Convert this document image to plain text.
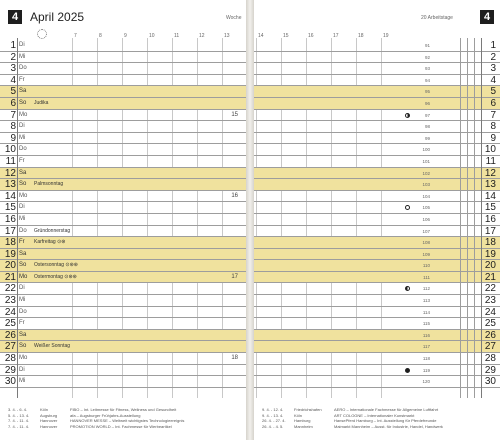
4 April 2025	Woche
7	8	9	10	11	12	13
1 Di
2 Mi
3 Do
4 Fr
5 Sa
6 So Judika
7 Mo	15
8 Di
9 Mi
10 Do
11 Fr
12 Sa
13 So Palmsonntag
14 Mo	16
15 Di
16 Mi
17 Do Gründonnerstag
18 Fr Karfreitag ⊙⊛
19 Sa
20 So Ostersonntag ⊙⊛⊛
21 Mo Ostermontag ⊙⊛⊛	17
22 Di
23 Mi
24 Do
25 Fr
26 Sa
27 So Weißer Sonntag
28 Mo	18
29 Di
30 Mi
3. 4. - 6. 4.	Köln	FIBO – Int. Leitmesse für Fitness, Wellness und Gesundheit
5. 4. - 13. 4.	Augsburg	afa – Augsburger Frühjahrs-Ausstellung
7. 4. - 11. 4.	Hannover	HANNOVER MESSE – Weltweit wichtigstes Technologieereignis
7. 4. - 11. 4.	Hannover	PROMOTION WORLD – Int. Fachmesse für Werbeartikel
4
20 Arbeitstage
14	15	16	17	18	19
91	1
92	2
93	3
94	4
95	5
96	6
97	7
98	8
99	9
100	10
101	11
102	12
103	13
104	14
105	15
106	16
107	17
108	18
109	19
110	20
111	21
112	22
113	23
114	24
115	25
116	26
117	27
118	28
119	29
120	30
9. 4. - 12. 4.	Friedrichshafen	AERO – Internationale Fachmesse für Allgemeine Luftfahrt
9. 4. - 13. 4.	Köln	ART COLOGNE – Internationaler Kunstmarkt
26. 4. - 27. 4. Hamburg	HansePferd Hamburg – Int. Ausstellung für Pferdefreunde
26. 4. - 4. 5.	Mannheim	Maimarkt Mannheim – Ausst. für Industrie, Handel, Handwerk
